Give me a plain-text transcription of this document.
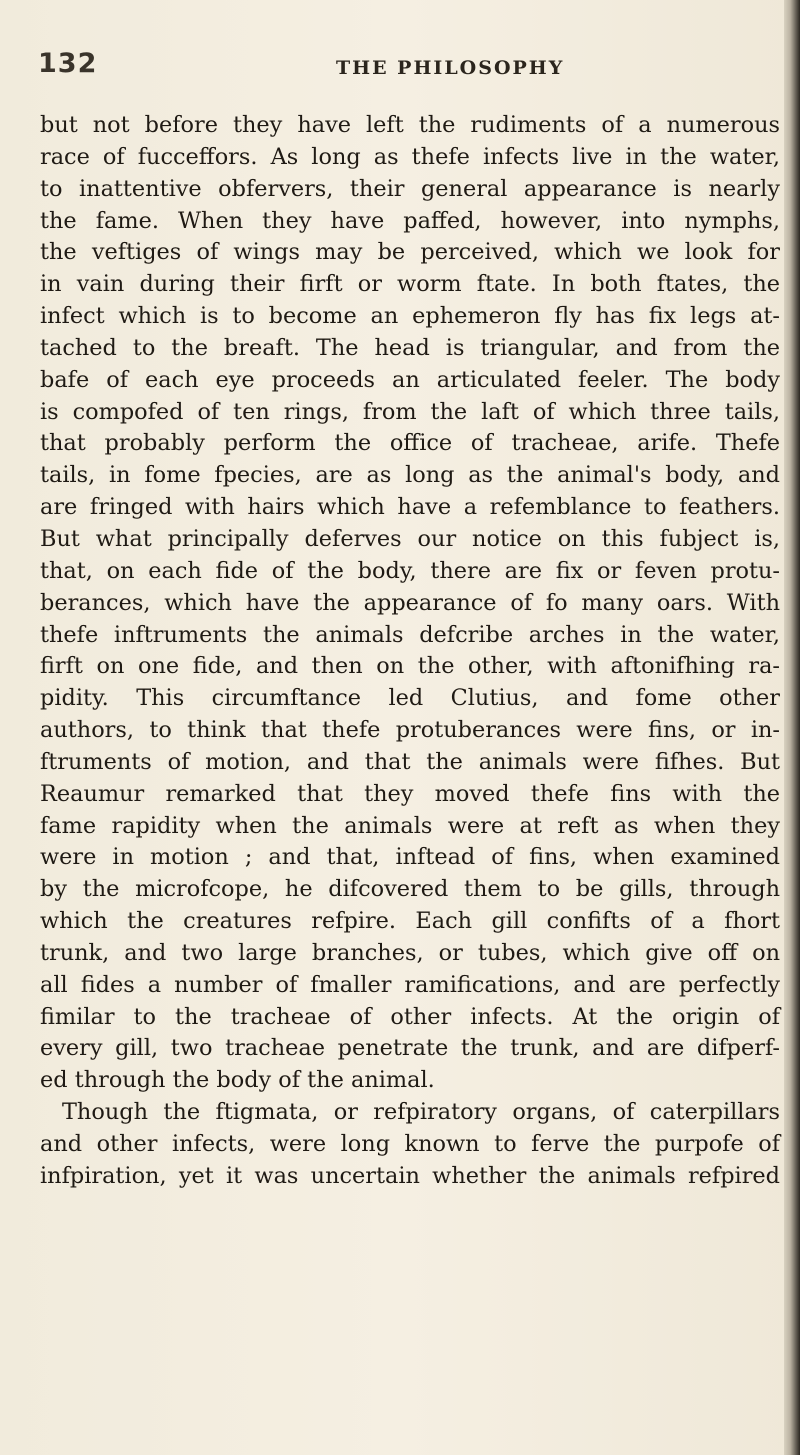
132	THE PHILOSOPHY
but not before they have left the rudiments of a numerous
race of fucceffors. As long as thefe infects live in the water,
to inattentive obfervers, their general appearance is nearly
the fame. When they have paffed, however, into nymphs,
the veftiges of wings may be perceived, which we look for
in vain during their firft or worm ftate. In both ftates, the
infect which is to become an ephemeron fly has fix legs at-
tached to the breaft. The head is triangular, and from the
bafe of each eye proceeds an articulated feeler. The body
is compofed of ten rings, from the laft of which three tails,
that probably perform the office of tracheae, arife. Thefe
tails, in fome fpecies, are as long as the animal's body, and
are fringed with hairs which have a refemblance to feathers.
But what principally deferves our notice on this fubject is,
that, on each fide of the body, there are fix or feven protu-
berances, which have the appearance of fo many oars. With
thefe inftruments the animals defcribe arches in the water,
firft on one fide, and then on the other, with aftonifhing ra-
pidity. This circumftance led Clutius, and fome other
authors, to think that thefe protuberances were fins, or in-
ftruments of motion, and that the animals were fifhes. But
Reaumur remarked that they moved thefe fins with the
fame rapidity when the animals were at reft as when they
were in motion ; and that, inftead of fins, when examined
by the microfcope, he difcovered them to be gills, through
which the creatures refpire. Each gill confifts of a fhort
trunk, and two large branches, or tubes, which give off on
all fides a number of fmaller ramifications, and are perfectly
fimilar to the tracheae of other infects. At the origin of
every gill, two tracheae penetrate the trunk, and are difperf-
ed through the body of the animal.
Though the ftigmata, or refpiratory organs, of caterpillars
and other infects, were long known to ferve the purpofe of
infpiration, yet it was uncertain whether the animals refpired
